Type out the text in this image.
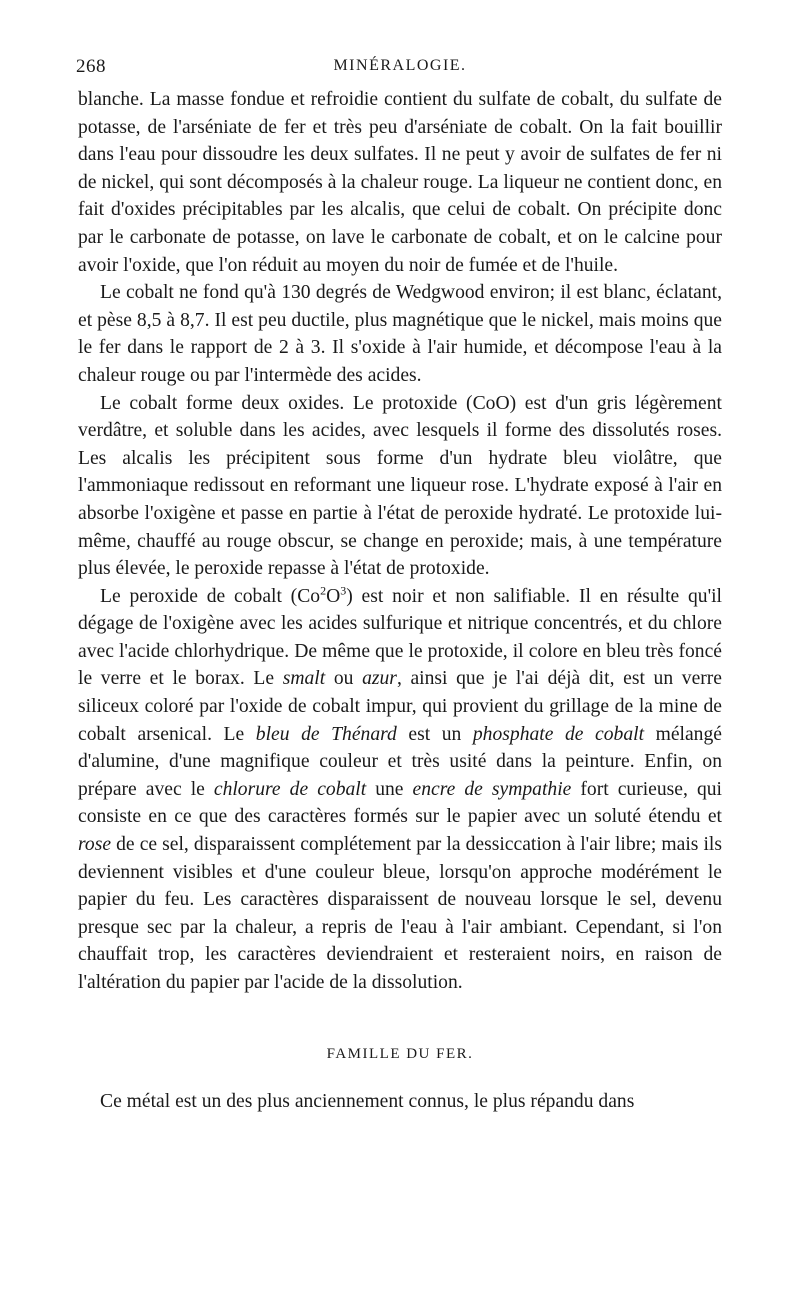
268	MINÉRALOGIE.

blanche. La masse fondue et refroidie contient du sulfate de cobalt, du sulfate de potasse, de l'arséniate de fer et très peu d'arséniate de cobalt. On la fait bouillir dans l'eau pour dissoudre les deux sulfates. Il ne peut y avoir de sulfates de fer ni de nickel, qui sont décomposés à la chaleur rouge. La liqueur ne contient donc, en fait d'oxides précipitables par les alcalis, que celui de cobalt. On précipite donc par le carbonate de potasse, on lave le carbonate de cobalt, et on le calcine pour avoir l'oxide, que l'on réduit au moyen du noir de fumée et de l'huile.

Le cobalt ne fond qu'à 130 degrés de Wedgwood environ; il est blanc, éclatant, et pèse 8,5 à 8,7. Il est peu ductile, plus magnétique que le nickel, mais moins que le fer dans le rapport de 2 à 3. Il s'oxide à l'air humide, et décompose l'eau à la chaleur rouge ou par l'intermède des acides.

Le cobalt forme deux oxides. Le protoxide (CoO) est d'un gris légèrement verdâtre, et soluble dans les acides, avec lesquels il forme des dissolutés roses. Les alcalis les précipitent sous forme d'un hydrate bleu violâtre, que l'ammoniaque redissout en reformant une liqueur rose. L'hydrate exposé à l'air en absorbe l'oxigène et passe en partie à l'état de peroxide hydraté. Le protoxide lui-même, chauffé au rouge obscur, se change en peroxide; mais, à une température plus élevée, le peroxide repasse à l'état de protoxide.

Le peroxide de cobalt $(Co^2O^3)$ est noir et non salifiable. Il en résulte qu'il dégage de l'oxigène avec les acides sulfurique et nitrique concentrés, et du chlore avec l'acide chlorhydrique. De même que le protoxide, il colore en bleu très foncé le verre et le borax. Le smalt ou azur, ainsi que je l'ai déjà dit, est un verre siliceux coloré par l'oxide de cobalt impur, qui provient du grillage de la mine de cobalt arsenical. Le bleu de Thénard est un phosphate de cobalt mélangé d'alumine, d'une magnifique couleur et très usité dans la peinture. Enfin, on prépare avec le chlorure de cobalt une encre de sympathie fort curieuse, qui consiste en ce que des caractères formés sur le papier avec un soluté étendu et rose de ce sel, disparaissent complétement par la dessiccation à l'air libre; mais ils deviennent visibles et d'une couleur bleue, lorsqu'on approche modérément le papier du feu. Les caractères disparaissent de nouveau lorsque le sel, devenu presque sec par la chaleur, a repris de l'eau à l'air ambiant. Cependant, si l'on chauffait trop, les caractères deviendraient et resteraient noirs, en raison de l'altération du papier par l'acide de la dissolution.

FAMILLE DU FER.

Ce métal est un des plus anciennement connus, le plus répandu dans
